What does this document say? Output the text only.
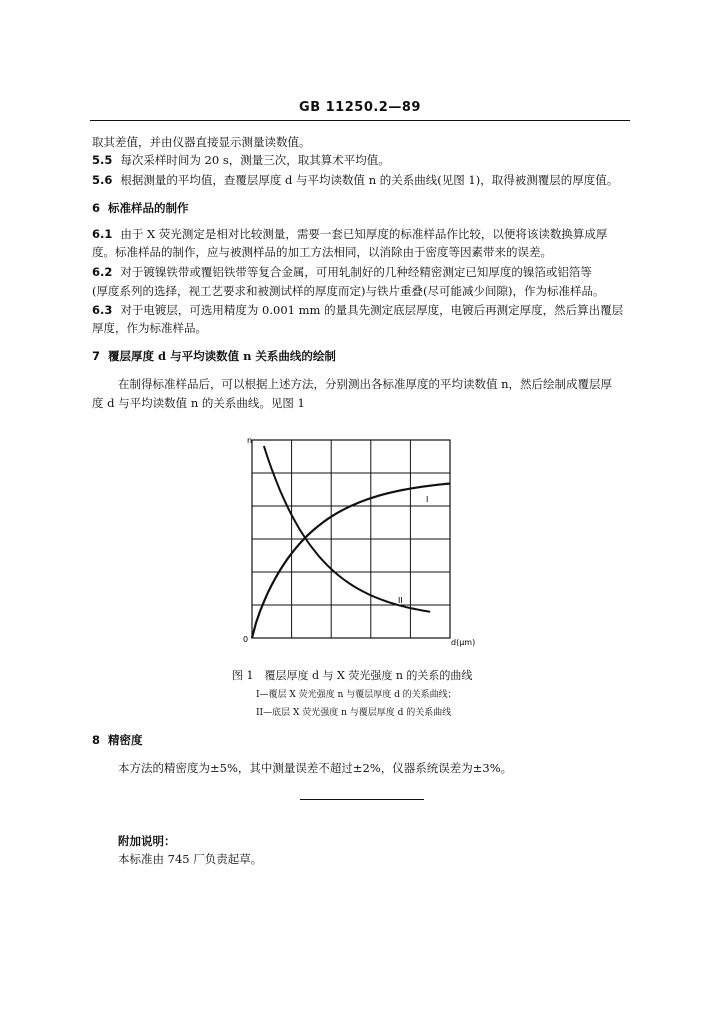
GB 11250.2—89
取其差值，并由仪器直接显示测量读数值。
5.5 每次采样时间为 20 s，测量三次，取其算术平均值。
5.6 根据测量的平均值，查覆层厚度 d 与平均读数值 n 的关系曲线(见图 1)，取得被测覆层的厚度值。
6 标准样品的制作
6.1 由于 X 荧光测定是相对比较测量，需要一套已知厚度的标准样品作比较，以便将该读数换算成厚
度。标准样品的制作，应与被测样品的加工方法相同，以消除由于密度等因素带来的误差。
6.2 对于镀镍铁带或覆铝铁带等复合金属，可用轧制好的几种经精密测定已知厚度的镍箔或铝箔等
(厚度系列的选择，视工艺要求和被测试样的厚度而定)与铁片重叠(尽可能减少间隙)，作为标准样品。
6.3 对于电镀层，可选用精度为 0.001 mm 的量具先测定底层厚度，电镀后再测定厚度，然后算出覆层
厚度，作为标准样品。
7 覆层厚度 d 与平均读数值 n 关系曲线的绘制
在制得标准样品后，可以根据上述方法，分别测出各标准厚度的平均读数值 n，然后绘制成覆层厚
度 d 与平均读数值 n 的关系曲线。见图 1
n
0	d(μm)
I
II
图 1　覆层厚度 d 与 X 荧光强度 n 的关系的曲线
I—覆层 X 荧光强度 n 与覆层厚度 d 的关系曲线；
II—底层 X 荧光强度 n 与覆层厚度 d 的关系曲线
8 精密度
本方法的精密度为±5%，其中测量误差不超过±2%，仪器系统误差为±3%。
附加说明：
本标准由 745 厂负责起草。
